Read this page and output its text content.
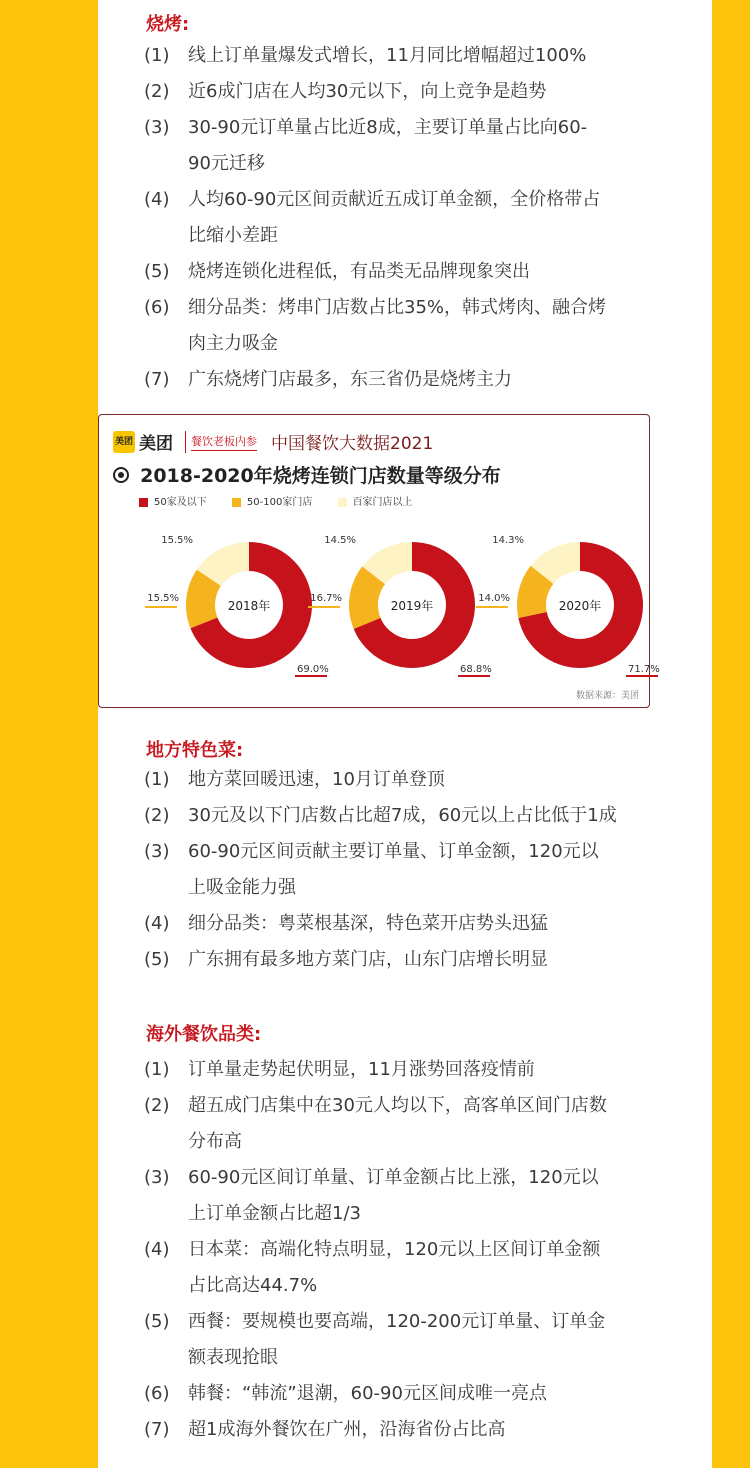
烧烤:
(1)	线上订单量爆发式增长，11月同比增幅超过100%
(2)	近6成门店在人均30元以下，向上竞争是趋势
(3)	30-90元订单量占比近8成，主要订单量占比向60-
90元迁移
(4)	人均60-90元区间贡献近五成订单金额，全价格带占
比缩小差距
(5)	烧烤连锁化进程低，有品类无品牌现象突出
(6)	细分品类：烤串门店数占比35%，韩式烤肉、融合烤
肉主力吸金
(7)	广东烧烤门店最多，东三省仍是烧烤主力
美团 美团 餐饮老板内参 中国餐饮大数据2021
2018-2020年烧烤连锁门店数量等级分布
50家及以下	50-100家门店	百家门店以上
2018年
69.0%
15.5%
15.5%
2019年
68.8%
16.7%
14.5%
2020年
71.7%
14.0%
14.3%
数据来源：美团
地方特色菜:
(1)	地方菜回暖迅速，10月订单登顶
(2)	30元及以下门店数占比超7成，60元以上占比低于1成
(3)	60-90元区间贡献主要订单量、订单金额，120元以
上吸金能力强
(4)	细分品类：粤菜根基深，特色菜开店势头迅猛
(5)	广东拥有最多地方菜门店，山东门店增长明显
海外餐饮品类:
(1)	订单量走势起伏明显，11月涨势回落疫情前
(2)	超五成门店集中在30元人均以下，高客单区间门店数
分布高
(3)	60-90元区间订单量、订单金额占比上涨，120元以
上订单金额占比超1/3
(4)	日本菜：高端化特点明显，120元以上区间订单金额
占比高达44.7%
(5)	西餐：要规模也要高端，120-200元订单量、订单金
额表现抢眼
(6)	韩餐：“韩流”退潮，60-90元区间成唯一亮点
(7)	超1成海外餐饮在广州，沿海省份占比高
